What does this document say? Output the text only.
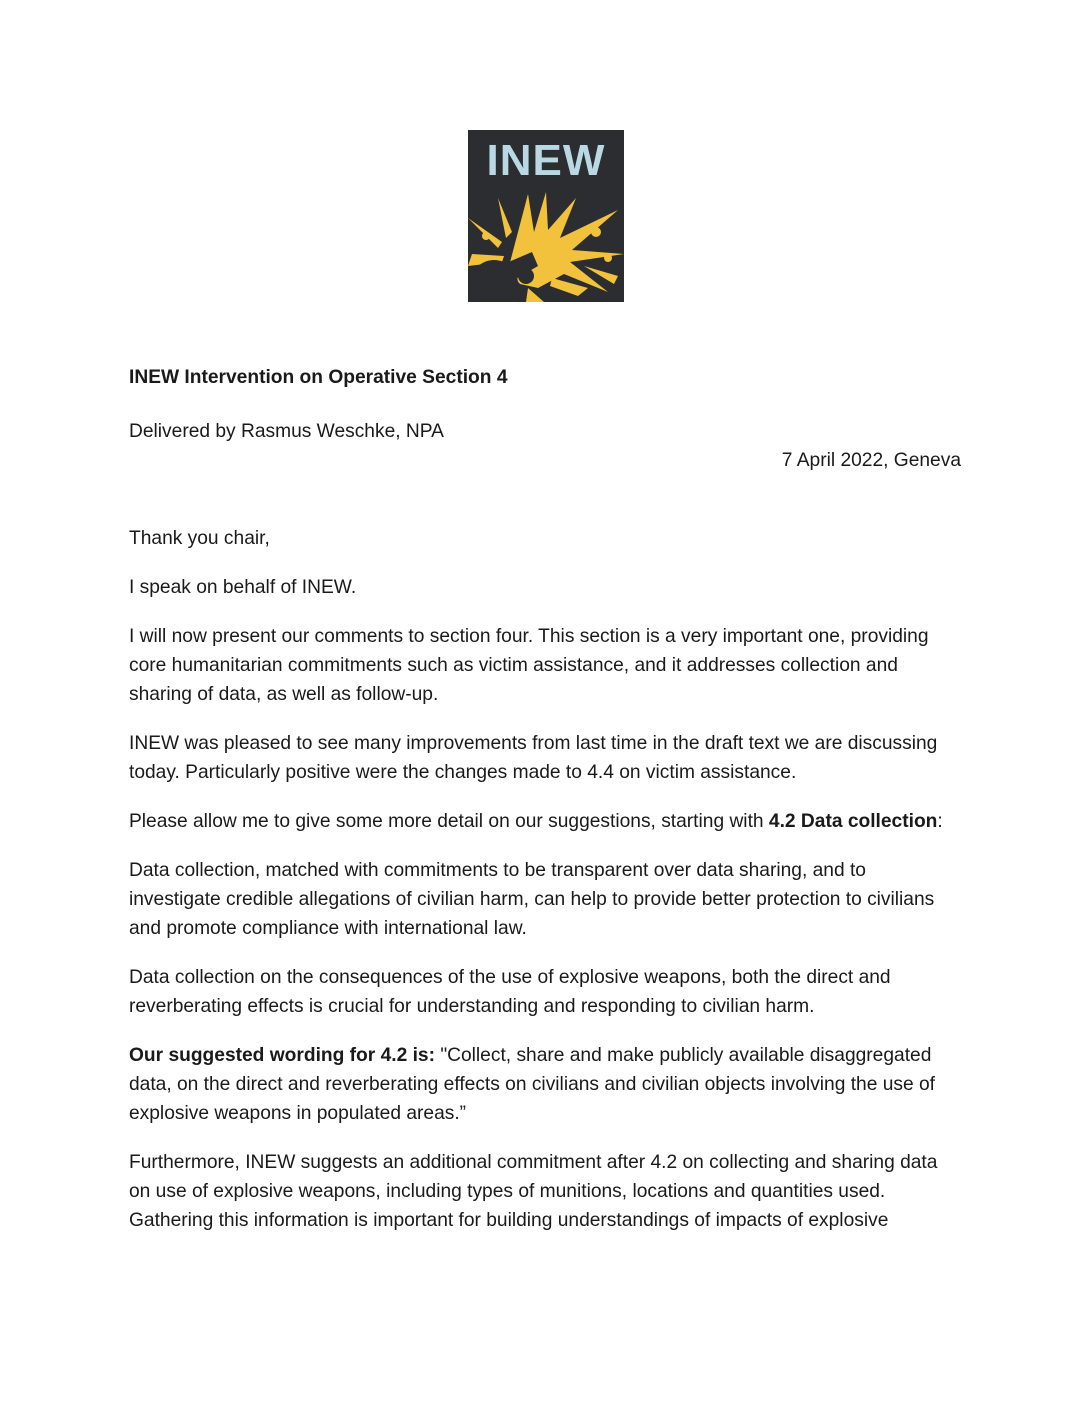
INEW

INEW Intervention on Operative Section 4

Delivered by Rasmus Weschke, NPA

7 April 2022, Geneva

Thank you chair,

I speak on behalf of INEW.

I will now present our comments to section four. This section is a very important one, providing core humanitarian commitments such as victim assistance, and it addresses collection and sharing of data, as well as follow-up.

INEW was pleased to see many improvements from last time in the draft text we are discussing today. Particularly positive were the changes made to 4.4 on victim assistance.

Please allow me to give some more detail on our suggestions, starting with 4.2 Data collection:

Data collection, matched with commitments to be transparent over data sharing, and to investigate credible allegations of civilian harm, can help to provide better protection to civilians and promote compliance with international law.

Data collection on the consequences of the use of explosive weapons, both the direct and reverberating effects is crucial for understanding and responding to civilian harm.

Our suggested wording for 4.2 is: "Collect, share and make publicly available disaggregated data, on the direct and reverberating effects on civilians and civilian objects involving the use of explosive weapons in populated areas.”

Furthermore, INEW suggests an additional commitment after 4.2 on collecting and sharing data on use of explosive weapons, including types of munitions, locations and quantities used. Gathering this information is important for building understandings of impacts of explosive
